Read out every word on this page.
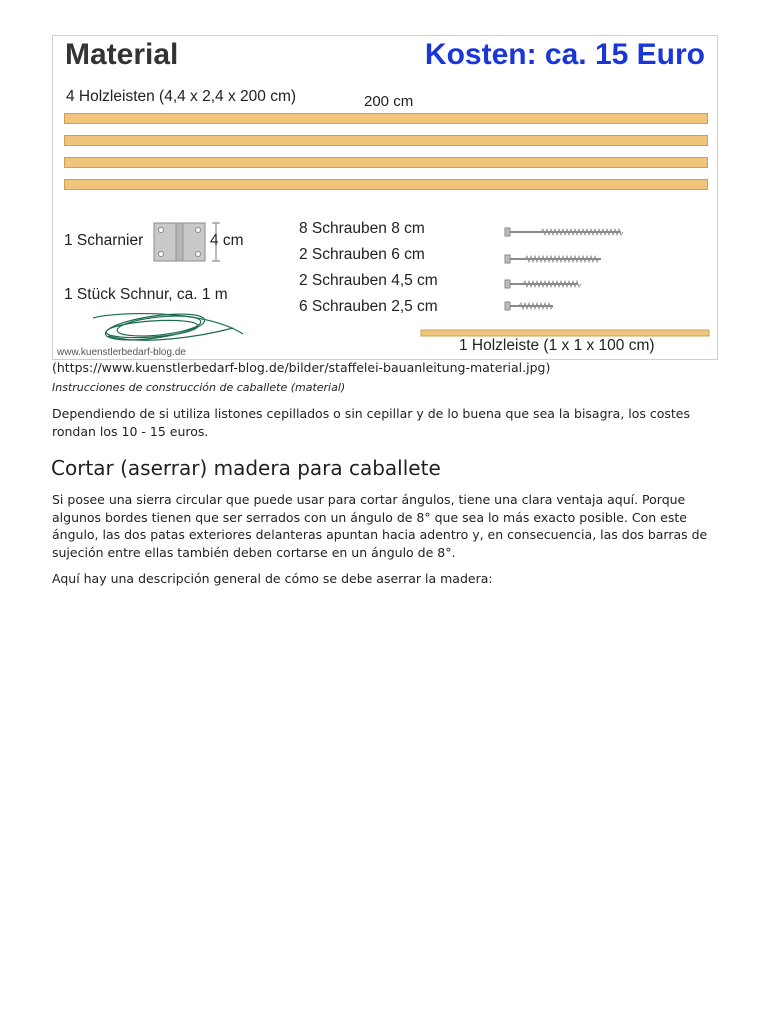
Material	Kosten: ca. 15 Euro
4 Holzleisten (4,4 x 2,4 x 200 cm)	200 cm
1 Scharnier	4 cm
1 Stück Schnur, ca. 1 m
8 Schrauben 8 cm
2 Schrauben 6 cm
2 Schrauben 4,5 cm
6 Schrauben 2,5 cm
1 Holzleiste (1 x 1 x 100 cm)
www.kuenstlerbedarf-blog.de
(https://www.kuenstlerbedarf-blog.de/bilder/staffelei-bauanleitung-material.jpg)
Instrucciones de construcción de caballete (material)

Dependiendo de si utiliza listones cepillados o sin cepillar y de lo buena que sea la bisagra, los costes rondan los 10 - 15 euros.

Cortar (aserrar) madera para caballete

Si posee una sierra circular que puede usar para cortar ángulos, tiene una clara ventaja aquí. Porque algunos bordes tienen que ser serrados con un ángulo de 8° que sea lo más exacto posible. Con este ángulo, las dos patas exteriores delanteras apuntan hacia adentro y, en consecuencia, las dos barras de sujeción entre ellas también deben cortarse en un ángulo de 8°.

Aquí hay una descripción general de cómo se debe aserrar la madera:
